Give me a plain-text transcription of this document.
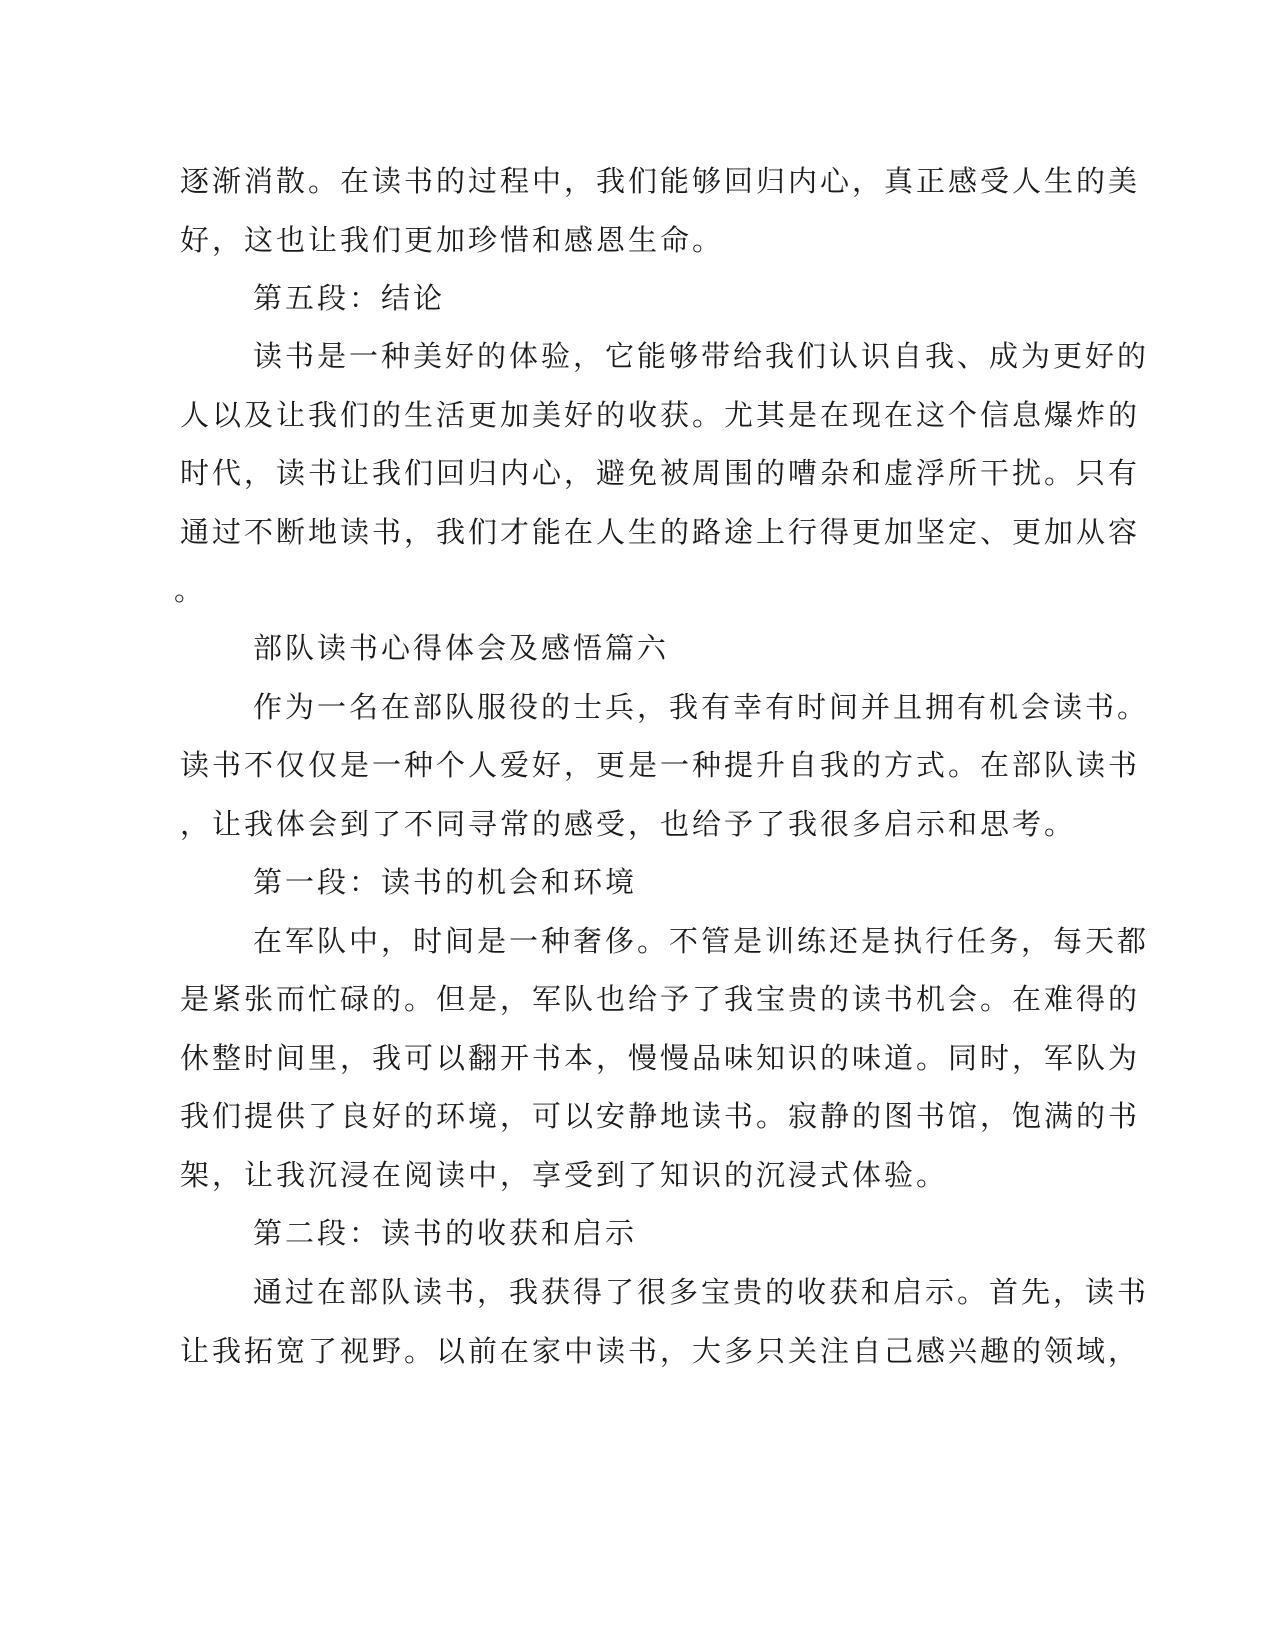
逐渐消散。在读书的过程中，我们能够回归内心，真正感受人生的美
好，这也让我们更加珍惜和感恩生命。
第五段：结论
读书是一种美好的体验，它能够带给我们认识自我、成为更好的
人以及让我们的生活更加美好的收获。尤其是在现在这个信息爆炸的
时代，读书让我们回归内心，避免被周围的嘈杂和虚浮所干扰。只有
通过不断地读书，我们才能在人生的路途上行得更加坚定、更加从容
。
部队读书心得体会及感悟篇六
作为一名在部队服役的士兵，我有幸有时间并且拥有机会读书。
读书不仅仅是一种个人爱好，更是一种提升自我的方式。在部队读书
，让我体会到了不同寻常的感受，也给予了我很多启示和思考。
第一段：读书的机会和环境
在军队中，时间是一种奢侈。不管是训练还是执行任务，每天都
是紧张而忙碌的。但是，军队也给予了我宝贵的读书机会。在难得的
休整时间里，我可以翻开书本，慢慢品味知识的味道。同时，军队为
我们提供了良好的环境，可以安静地读书。寂静的图书馆，饱满的书
架，让我沉浸在阅读中，享受到了知识的沉浸式体验。
第二段：读书的收获和启示
通过在部队读书，我获得了很多宝贵的收获和启示。首先，读书
让我拓宽了视野。以前在家中读书，大多只关注自己感兴趣的领域，
